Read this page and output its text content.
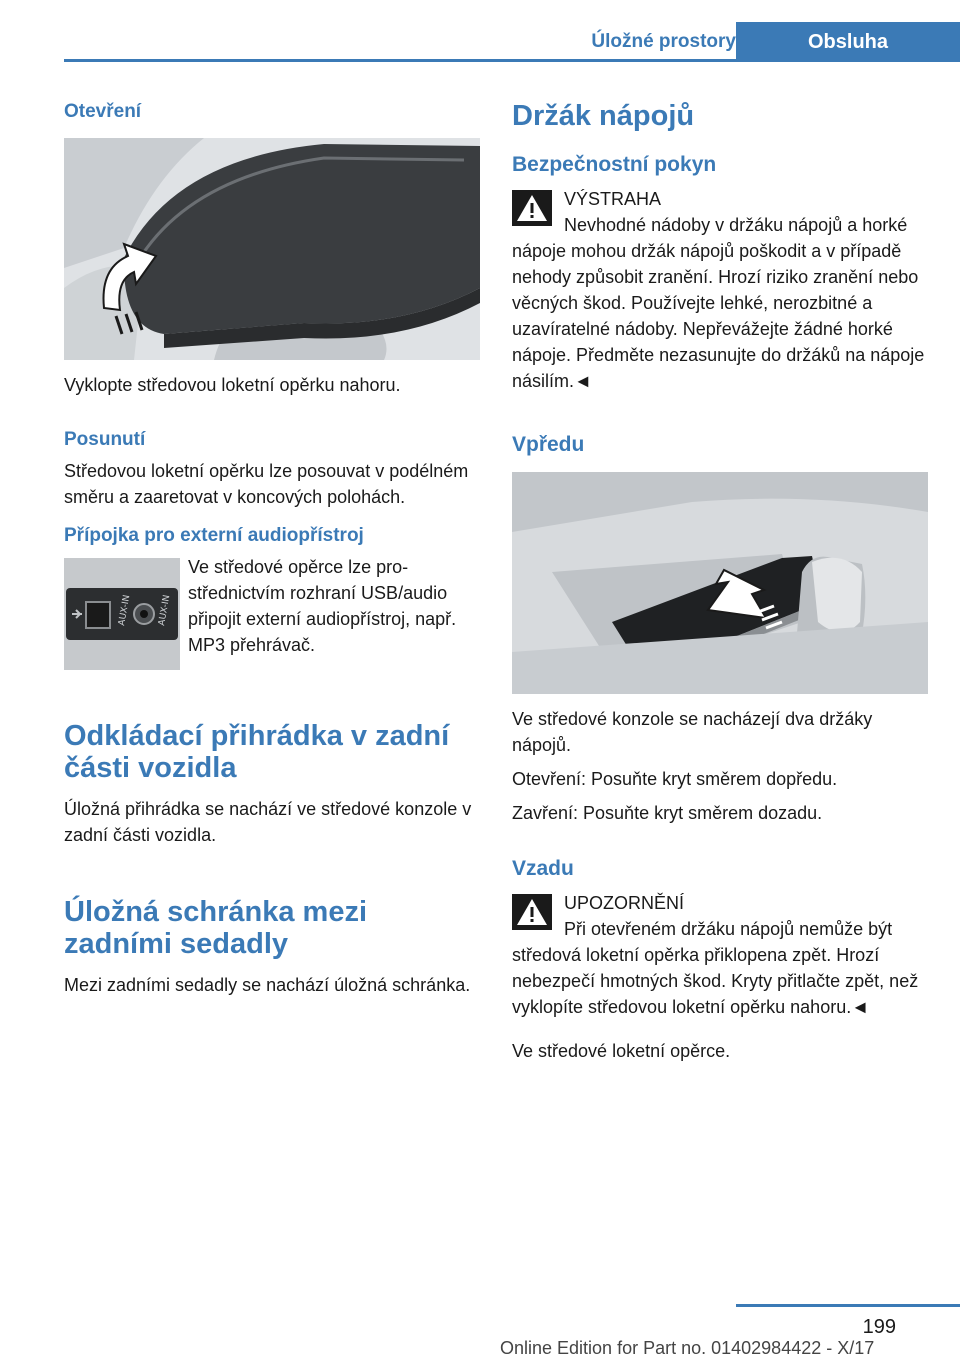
Úložné prostory	Obsluha
Otevření

Vyklopte středovou loketní opěrku nahoru.

Posunutí

Středovou loketní opěrku lze posouvat v podélném směru a zaaretovat v koncových polohách.

Přípojka pro externí audiopřístroj
AUX-IN	AUX-IN

Ve středové opěrce lze prostřednictvím rozhraní USB/audio připojit externí audiopřístroj, např. MP3 přehrávač.

Odkládací přihrádka v zadní části vozidla

Úložná přihrádka se nachází ve středové konzole v zadní části vozidla.

Úložná schránka mezi zadními sedadly

Mezi zadními sedadly se nachází úložná schránka.

Držák nápojů
Bezpečnostní pokyn

VÝSTRAHA

Nevhodné nádoby v držáku nápojů a horké nápoje mohou držák nápojů poškodit a v případě nehody způsobit zranění. Hrozí riziko zranění nebo věcných škod. Používejte lehké, nerozbitné a uzavíratelné nádoby. Nepřevážejte žádné horké nápoje. Předměte nezasunujte do držáků na nápoje násilím.◄

Vpředu

Ve středové konzole se nacházejí dva držáky nápojů.

Otevření: Posuňte kryt směrem dopředu.

Zavření: Posuňte kryt směrem dozadu.

Vzadu

UPOZORNĚNÍ

Při otevřeném držáku nápojů nemůže být středová loketní opěrka přiklopena zpět. Hrozí nebezpečí hmotných škod. Kryty přitlačte zpět, než vyklopíte středovou loketní opěrku nahoru.◄

Ve středové loketní opěrce.

199
Online Edition for Part no. 01402984422 - X/17
